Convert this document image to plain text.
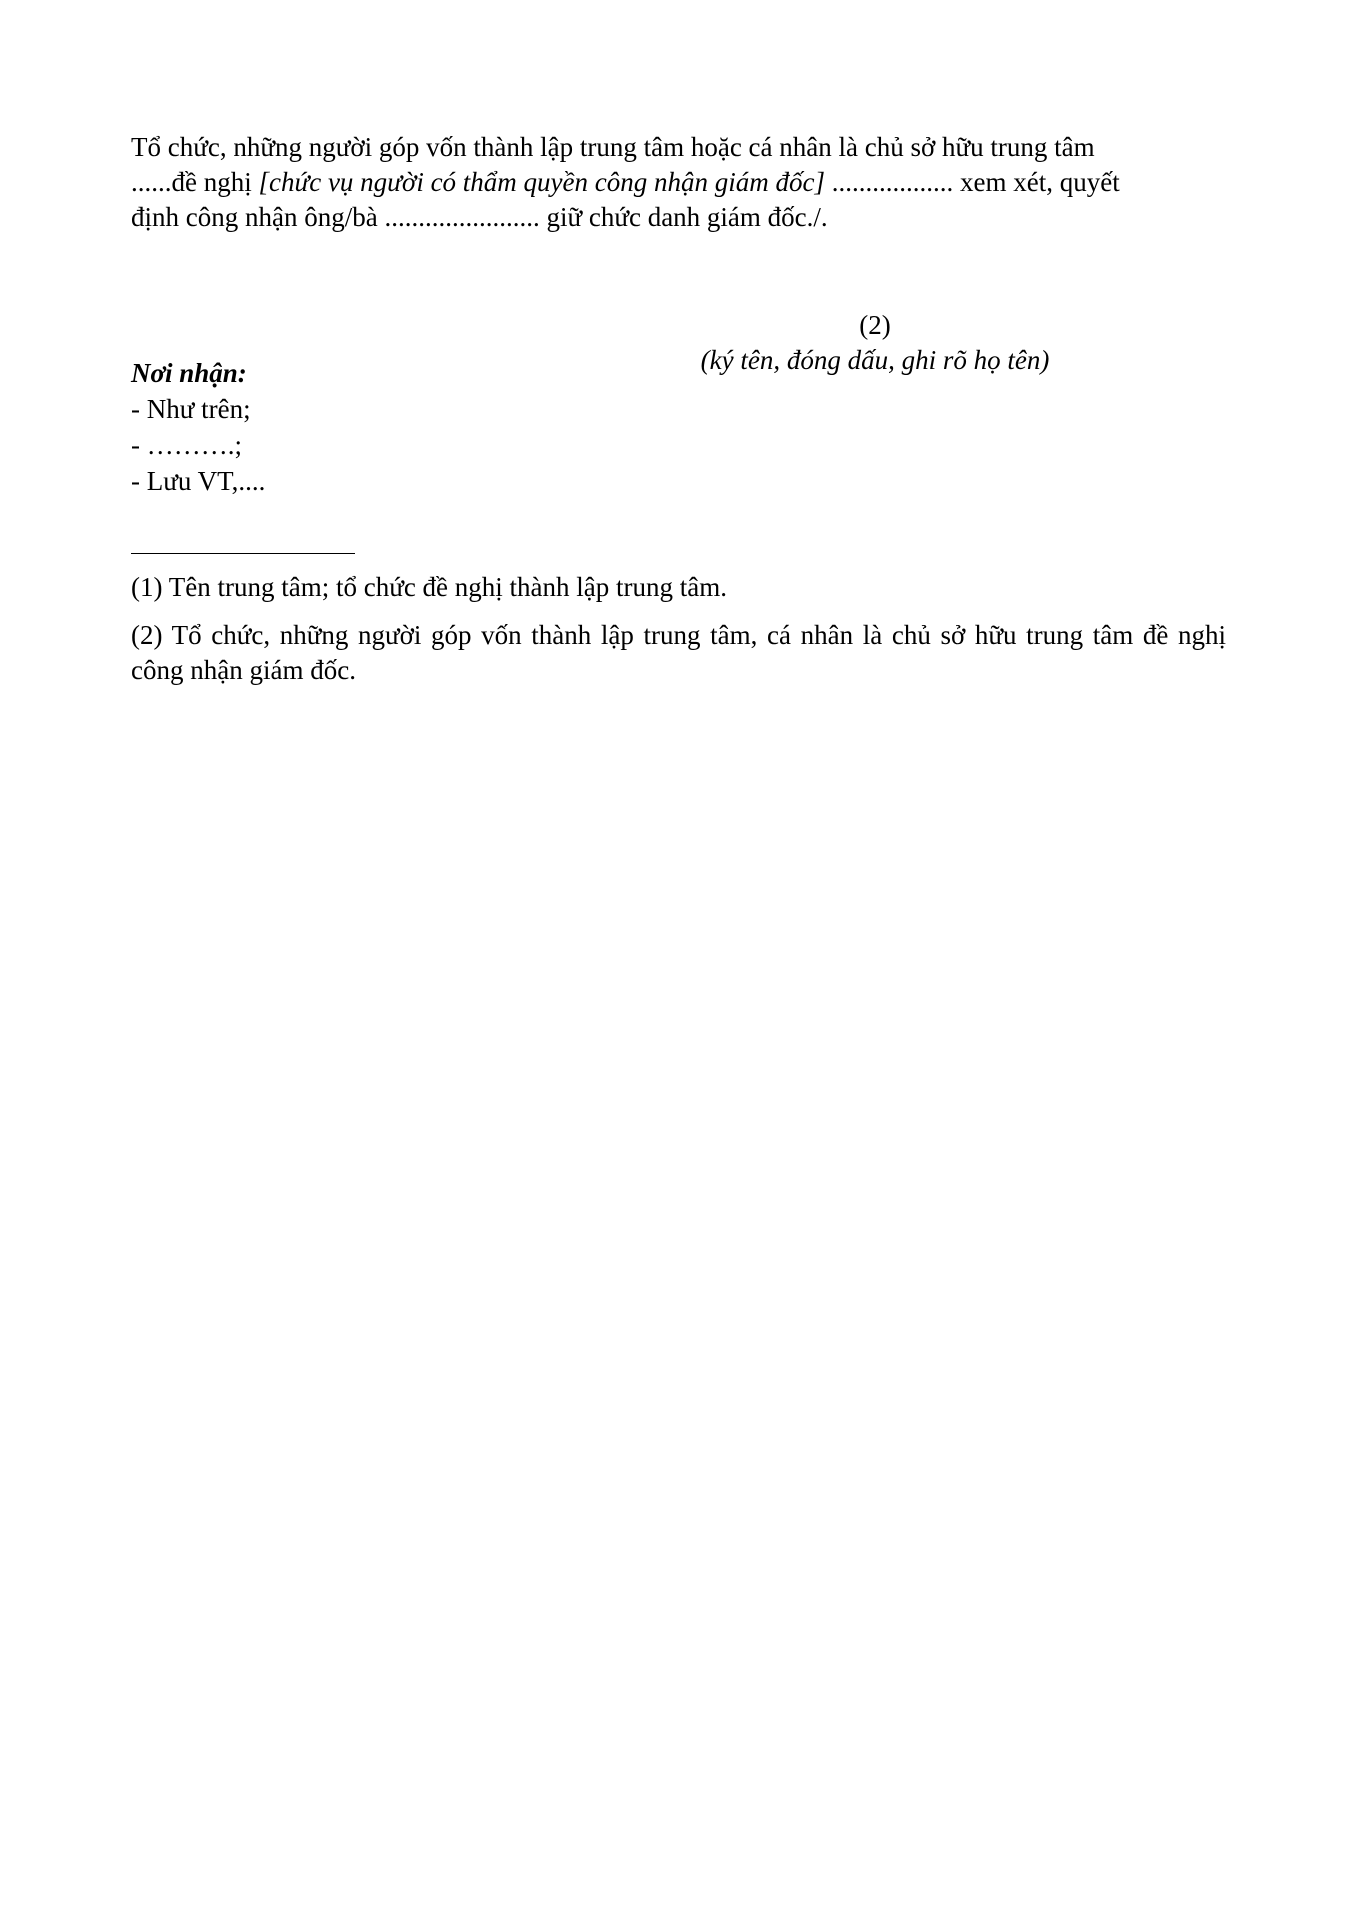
Tổ chức, những người góp vốn thành lập trung tâm hoặc cá nhân là chủ sở hữu trung tâm
......đề nghị [chức vụ người có thẩm quyền công nhận giám đốc] .................. xem xét, quyết
định công nhận ông/bà ....................... giữ chức danh giám đốc./.
(2)
(ký tên, đóng dấu, ghi rõ họ tên)
Nơi nhận:
- Như trên;
- ……….;
- Lưu VT,....
(1) Tên trung tâm; tổ chức đề nghị thành lập trung tâm.
(2) Tổ chức, những người góp vốn thành lập trung tâm, cá nhân là chủ sở hữu trung tâm đề nghị công nhận giám đốc.
